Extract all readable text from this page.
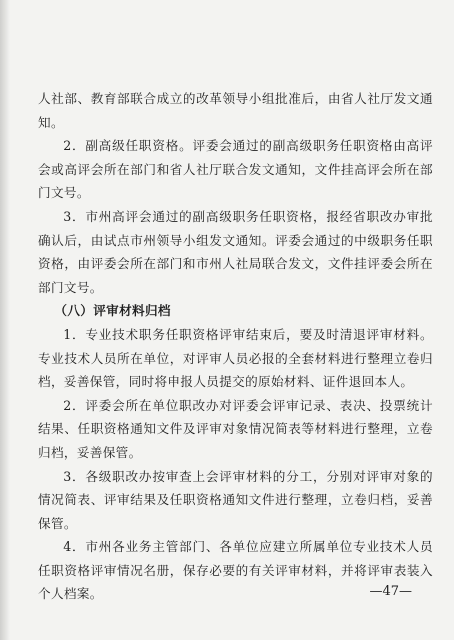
人社部、教育部联合成立的改革领导小组批准后，由省人社厅发文通知。

2．副高级任职资格。评委会通过的副高级职务任职资格由高评会或高评会所在部门和省人社厅联合发文通知，文件挂高评会所在部门文号。

3．市州高评会通过的副高级职务任职资格，报经省职改办审批确认后，由试点市州领导小组发文通知。评委会通过的中级职务任职资格，由评委会所在部门和市州人社局联合发文，文件挂评委会所在部门文号。

（八）评审材料归档

1．专业技术职务任职资格评审结束后，要及时清退评审材料。专业技术人员所在单位，对评审人员必报的全套材料进行整理立卷归档，妥善保管，同时将申报人员提交的原始材料、证件退回本人。

2．评委会所在单位职改办对评委会评审记录、表决、投票统计结果、任职资格通知文件及评审对象情况简表等材料进行整理，立卷归档，妥善保管。

3．各级职改办按审查上会评审材料的分工，分别对评审对象的情况简表、评审结果及任职资格通知文件进行整理，立卷归档，妥善保管。

4．市州各业务主管部门、各单位应建立所属单位专业技术人员任职资格评审情况名册，保存必要的有关评审材料，并将评审表装入个人档案。	—47—
